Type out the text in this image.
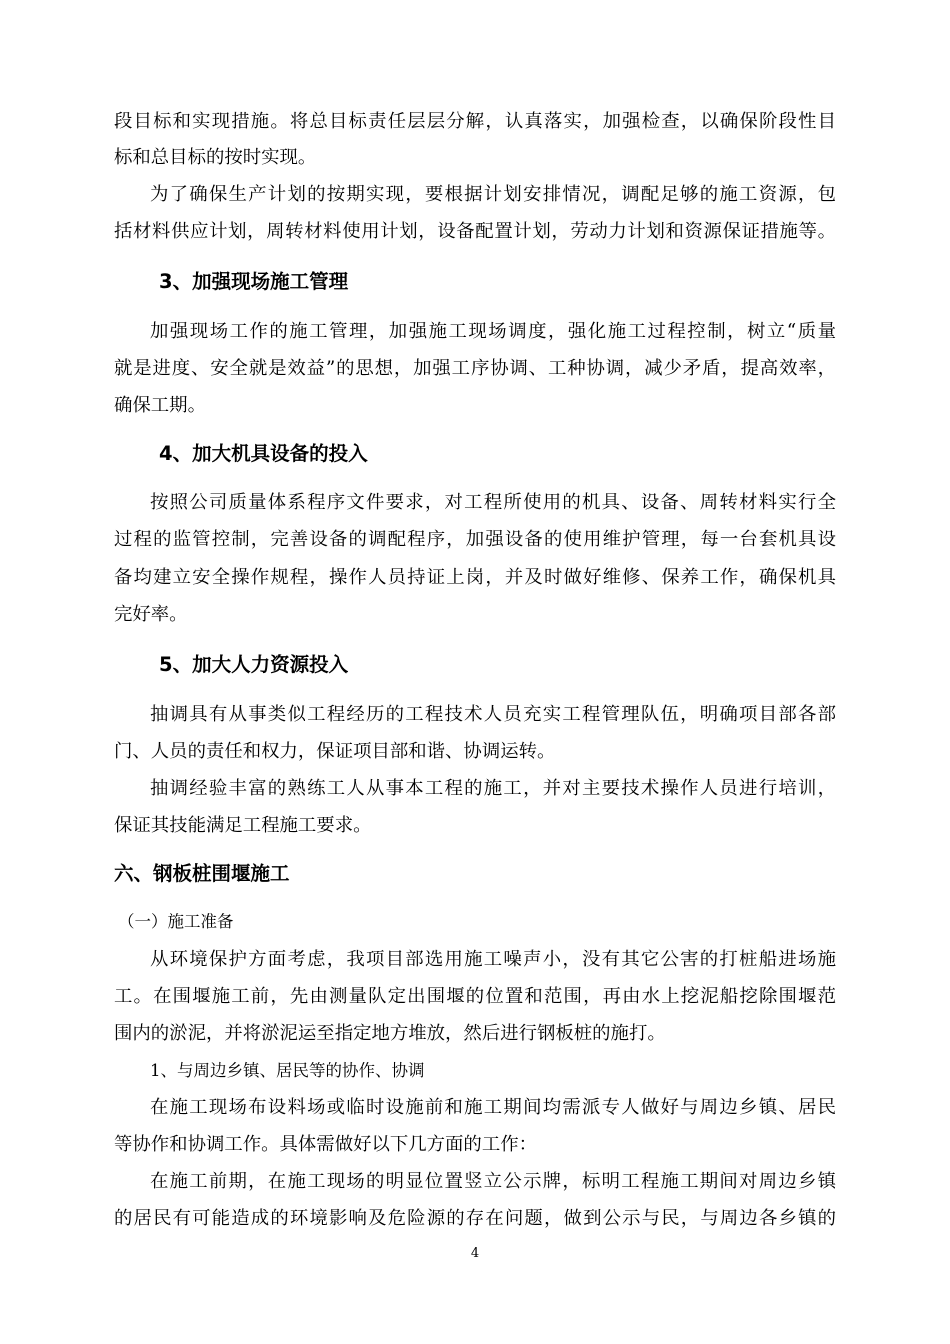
段目标和实现措施。将总目标责任层层分解，认真落实，加强检查，以确保阶段性目
标和总目标的按时实现。
为了确保生产计划的按期实现，要根据计划安排情况，调配足够的施工资源，包
括材料供应计划，周转材料使用计划，设备配置计划，劳动力计划和资源保证措施等。
3、加强现场施工管理
加强现场工作的施工管理，加强施工现场调度，强化施工过程控制，树立“质量
就是进度、安全就是效益”的思想，加强工序协调、工种协调，减少矛盾，提高效率，
确保工期。
4、加大机具设备的投入
按照公司质量体系程序文件要求，对工程所使用的机具、设备、周转材料实行全
过程的监管控制，完善设备的调配程序，加强设备的使用维护管理，每一台套机具设
备均建立安全操作规程，操作人员持证上岗，并及时做好维修、保养工作，确保机具
完好率。
5、加大人力资源投入
抽调具有从事类似工程经历的工程技术人员充实工程管理队伍，明确项目部各部
门、人员的责任和权力，保证项目部和谐、协调运转。
抽调经验丰富的熟练工人从事本工程的施工，并对主要技术操作人员进行培训，
保证其技能满足工程施工要求。
六、钢板桩围堰施工
（一）施工准备
从环境保护方面考虑，我项目部选用施工噪声小，没有其它公害的打桩船进场施
工。在围堰施工前，先由测量队定出围堰的位置和范围，再由水上挖泥船挖除围堰范
围内的淤泥，并将淤泥运至指定地方堆放，然后进行钢板桩的施打。
1、与周边乡镇、居民等的协作、协调
在施工现场布设料场或临时设施前和施工期间均需派专人做好与周边乡镇、居民
等协作和协调工作。具体需做好以下几方面的工作：
在施工前期，在施工现场的明显位置竖立公示牌，标明工程施工期间对周边乡镇
的居民有可能造成的环境影响及危险源的存在问题，做到公示与民，与周边各乡镇的
4
